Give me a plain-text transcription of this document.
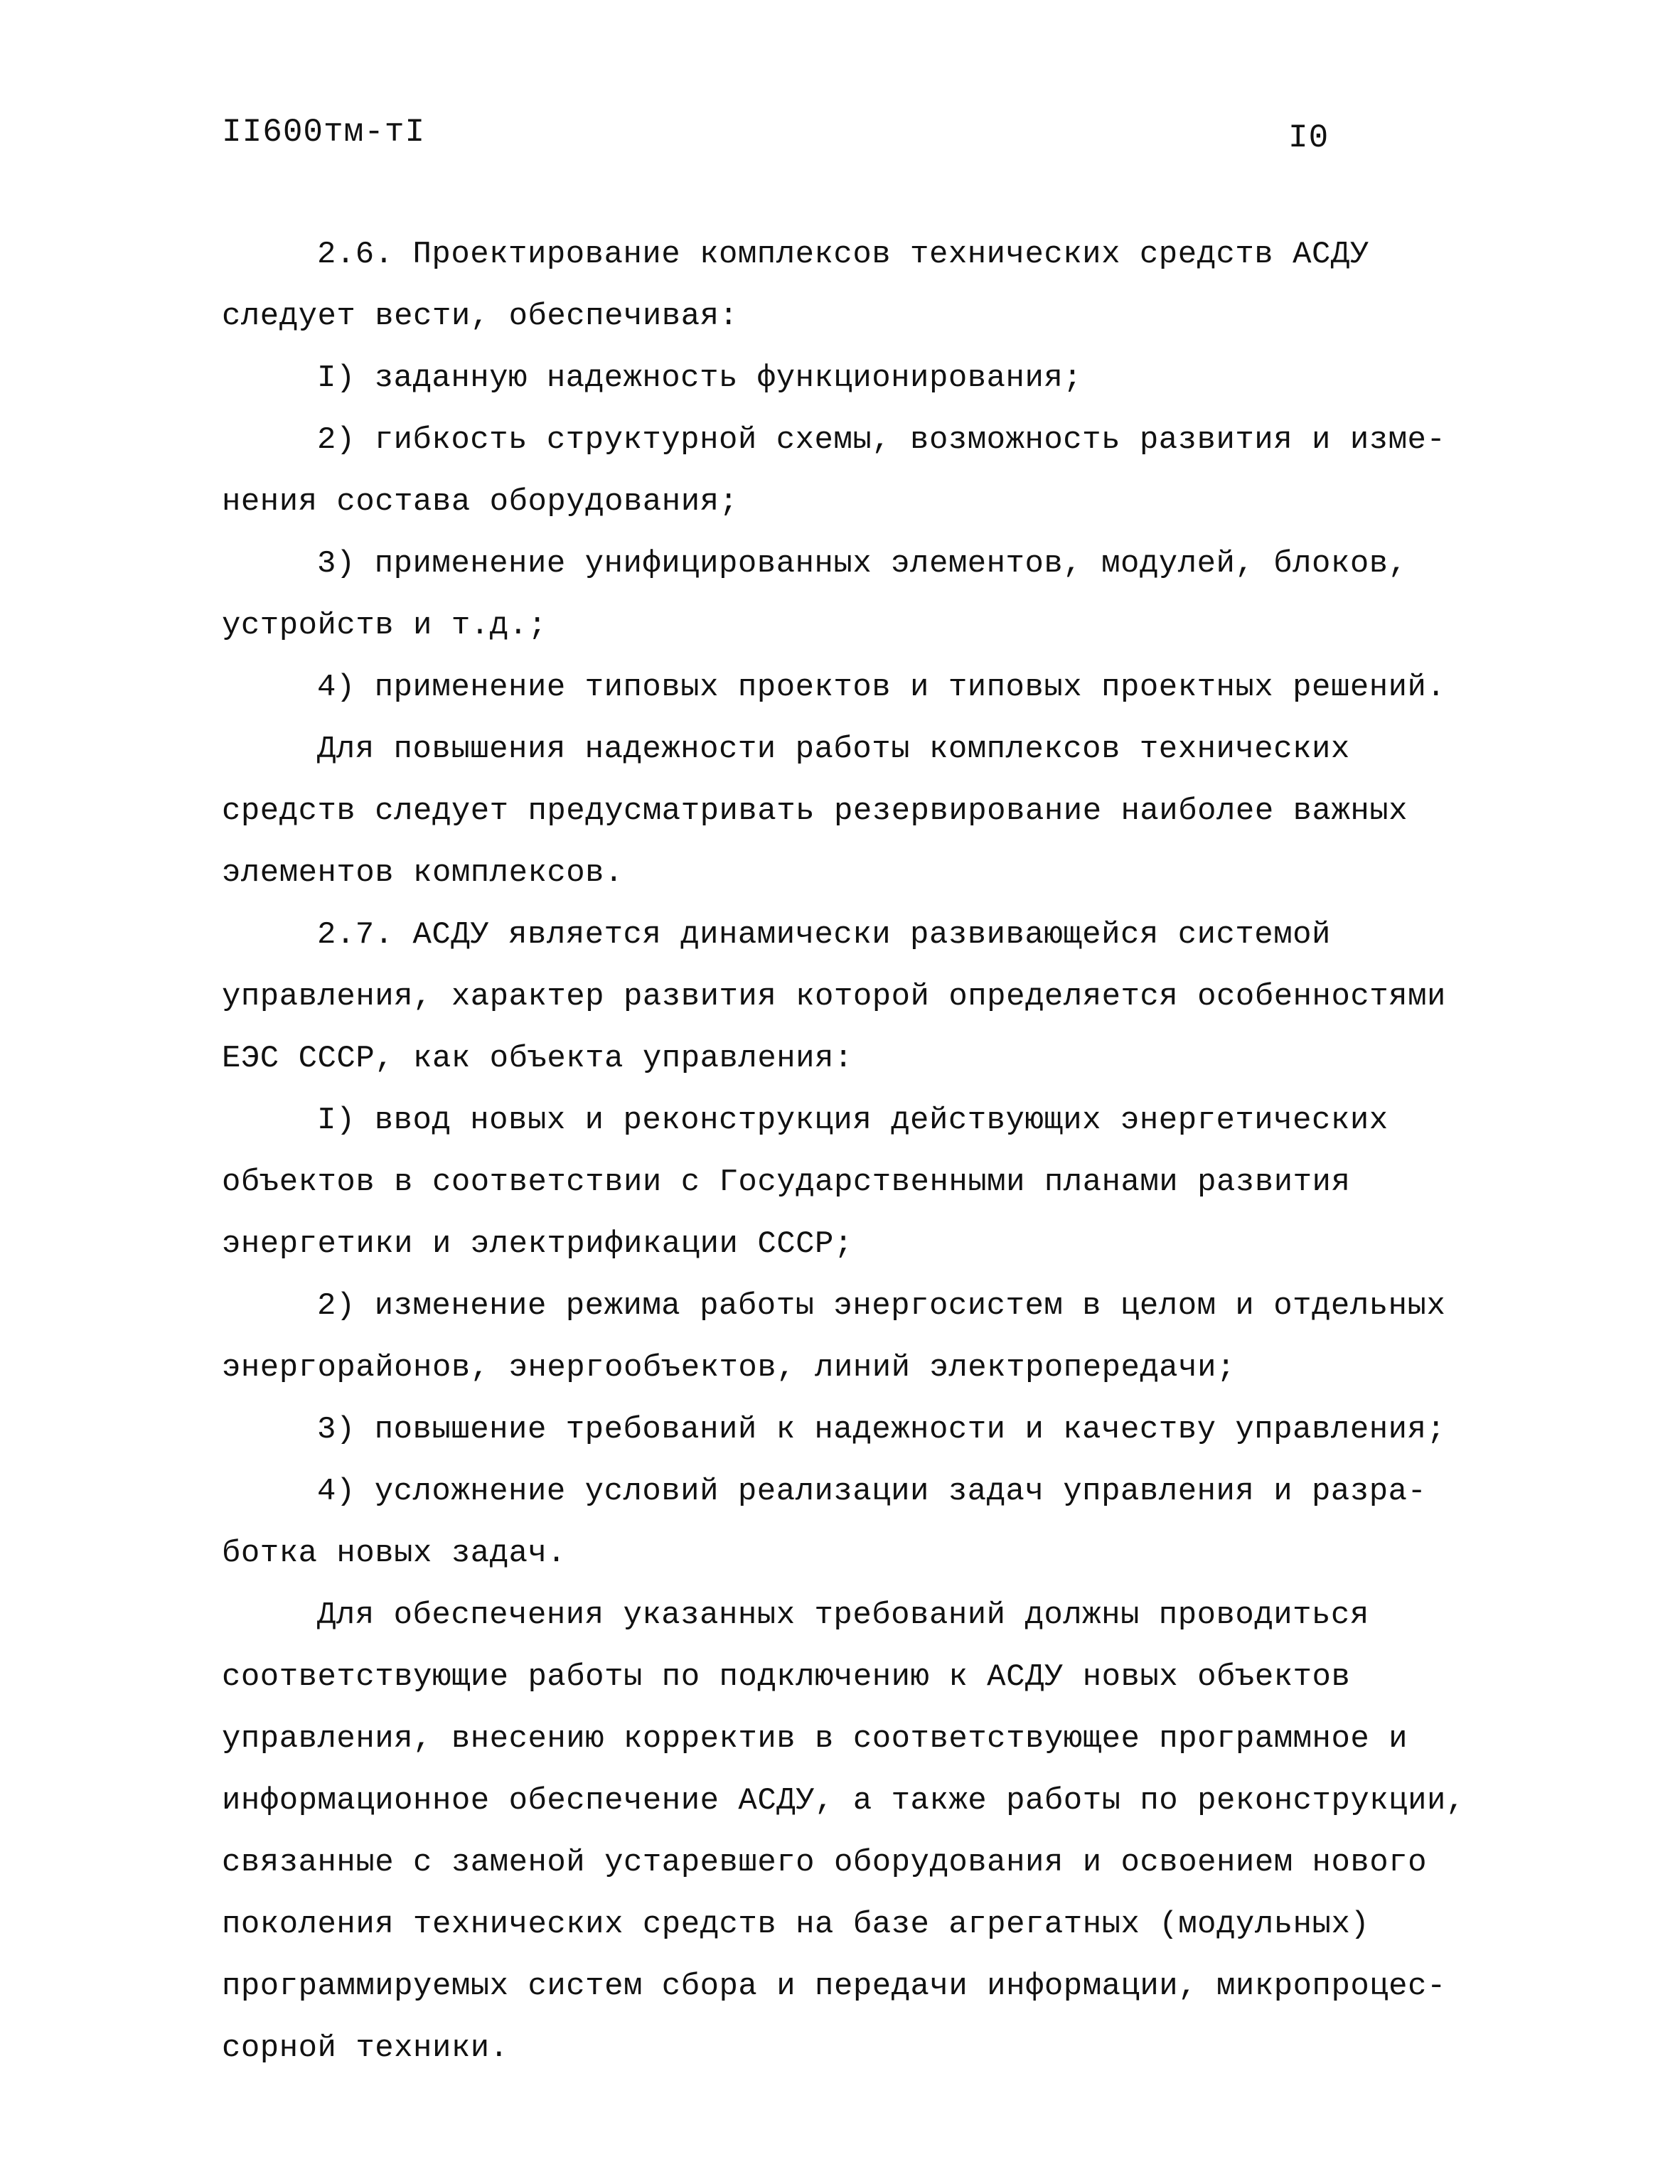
II600тм-тI	I0
2.6. Проектирование комплексов технических средств АСДУ
следует вести, обеспечивая:
I) заданную надежность функционирования;
2) гибкость структурной схемы, возможность развития и изме-
нения состава оборудования;
3) применение унифицированных элементов, модулей, блоков,
устройств и т.д.;
4) применение типовых проектов и типовых проектных решений.
Для повышения надежности работы комплексов технических
средств следует предусматривать резервирование наиболее важных
элементов комплексов.
2.7. АСДУ является динамически развивающейся системой
управления, характер развития которой определяется особенностями
ЕЭС СССР, как объекта управления:
I) ввод новых и реконструкция действующих энергетических
объектов в соответствии с Государственными планами развития
энергетики и электрификации СССР;
2) изменение режима работы энергосистем в целом и отдельных
энергорайонов, энергообъектов, линий электропередачи;
3) повышение требований к надежности и качеству управления;
4) усложнение условий реализации задач управления и разра-
ботка новых задач.
Для обеспечения указанных требований должны проводиться
соответствующие работы по подключению к АСДУ новых объектов
управления, внесению корректив в соответствующее программное и
информационное обеспечение АСДУ, а также работы по реконструкции,
связанные с заменой устаревшего оборудования и освоением нового
поколения технических средств на базе агрегатных (модульных)
программируемых систем сбора и передачи информации, микропроцес-
сорной техники.
